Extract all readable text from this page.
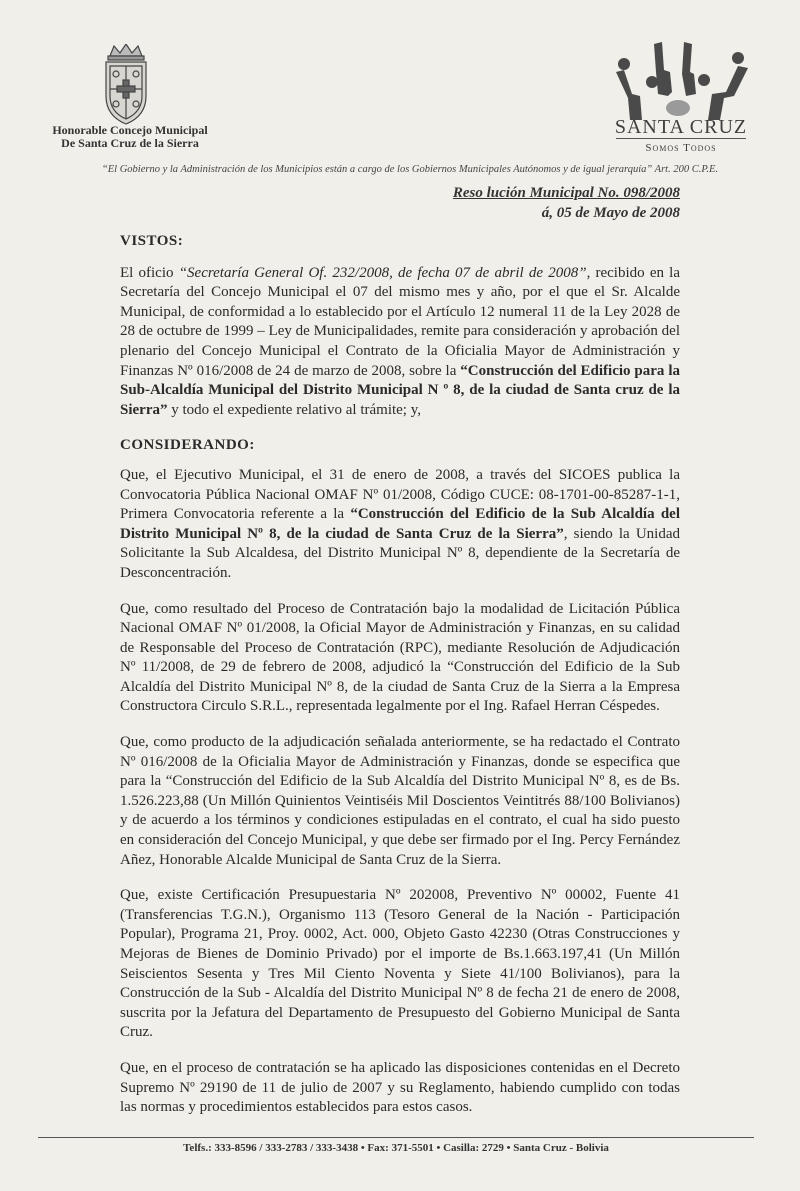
Honorable Concejo Municipal
De Santa Cruz de la Sierra
SANTA CRUZ
Somos Todos
“El Gobierno y la Administración de los Municipios están a cargo de los Gobiernos Municipales Autónomos y de igual jerarquía” Art. 200 C.P.E.
Reso lución Municipal No. 098/2008
á, 05 de Mayo de 2008
VISTOS:

El oficio “Secretaría General Of. 232/2008, de fecha 07 de abril de 2008”, recibido en la Secretaría del Concejo Municipal el 07 del mismo mes y año, por el que el Sr. Alcalde Municipal, de conformidad a lo establecido por el Artículo 12 numeral 11 de la Ley 2028 de 28 de octubre de 1999 – Ley de Municipalidades, remite para consideración y aprobación del plenario del Concejo Municipal el Contrato de la Oficialia Mayor de Administración y Finanzas Nº 016/2008 de 24 de marzo de 2008, sobre la “Construcción del Edificio para la Sub-Alcaldía Municipal del Distrito Municipal N º 8, de la ciudad de Santa cruz de la Sierra” y todo el expediente relativo al trámite; y,

CONSIDERANDO:

Que, el Ejecutivo Municipal, el 31 de enero de 2008, a través del SICOES publica la Convocatoria Pública Nacional OMAF Nº 01/2008, Código CUCE: 08-1701-00-85287-1-1, Primera Convocatoria referente a la “Construcción del Edificio de la Sub Alcaldía del Distrito Municipal Nº 8, de la ciudad de Santa Cruz de la Sierra”, siendo la Unidad Solicitante la Sub Alcaldesa, del Distrito Municipal Nº 8, dependiente de la Secretaría de Desconcentración.

Que, como resultado del Proceso de Contratación bajo la modalidad de Licitación Pública Nacional OMAF Nº 01/2008, la Oficial Mayor de Administración y Finanzas, en su calidad de Responsable del Proceso de Contratación (RPC), mediante Resolución de Adjudicación Nº 11/2008, de 29 de febrero de 2008, adjudicó la “Construcción del Edificio de la Sub Alcaldía del Distrito Municipal Nº 8, de la ciudad de Santa Cruz de la Sierra a la Empresa Constructora Circulo S.R.L., representada legalmente por el Ing. Rafael Herran Céspedes.

Que, como producto de la adjudicación señalada anteriormente, se ha redactado el Contrato Nº 016/2008 de la Oficialia Mayor de Administración y Finanzas, donde se especifica que para la “Construcción del Edificio de la Sub Alcaldía del Distrito Municipal Nº 8, es de Bs. 1.526.223,88 (Un Millón Quinientos Veintiséis Mil Doscientos Veintitrés 88/100 Bolivianos) y de acuerdo a los términos y condiciones estipuladas en el contrato, el cual ha sido puesto en consideración del Concejo Municipal, y que debe ser firmado por el Ing. Percy Fernández Añez, Honorable Alcalde Municipal de Santa Cruz de la Sierra.

Que, existe Certificación Presupuestaria Nº 202008, Preventivo Nº 00002, Fuente 41 (Transferencias T.G.N.), Organismo 113 (Tesoro General de la Nación - Participación Popular), Programa 21, Proy. 0002, Act. 000, Objeto Gasto 42230 (Otras Construcciones y Mejoras de Bienes de Dominio Privado) por el importe de Bs.1.663.197,41 (Un Millón Seiscientos Sesenta y Tres Mil Ciento Noventa y Siete 41/100 Bolivianos), para la Construcción de la Sub - Alcaldía del Distrito Municipal Nº 8 de fecha 21 de enero de 2008, suscrita por la Jefatura del Departamento de Presupuesto del Gobierno Municipal de Santa Cruz.

Que, en el proceso de contratación se ha aplicado las disposiciones contenidas en el Decreto Supremo Nº 29190 de 11 de julio de 2007 y su Reglamento, habiendo cumplido con todas las normas y procedimientos establecidos para estos casos.

Telfs.: 333-8596 / 333-2783 / 333-3438 • Fax: 371-5501 • Casilla: 2729 • Santa Cruz - Bolivia
